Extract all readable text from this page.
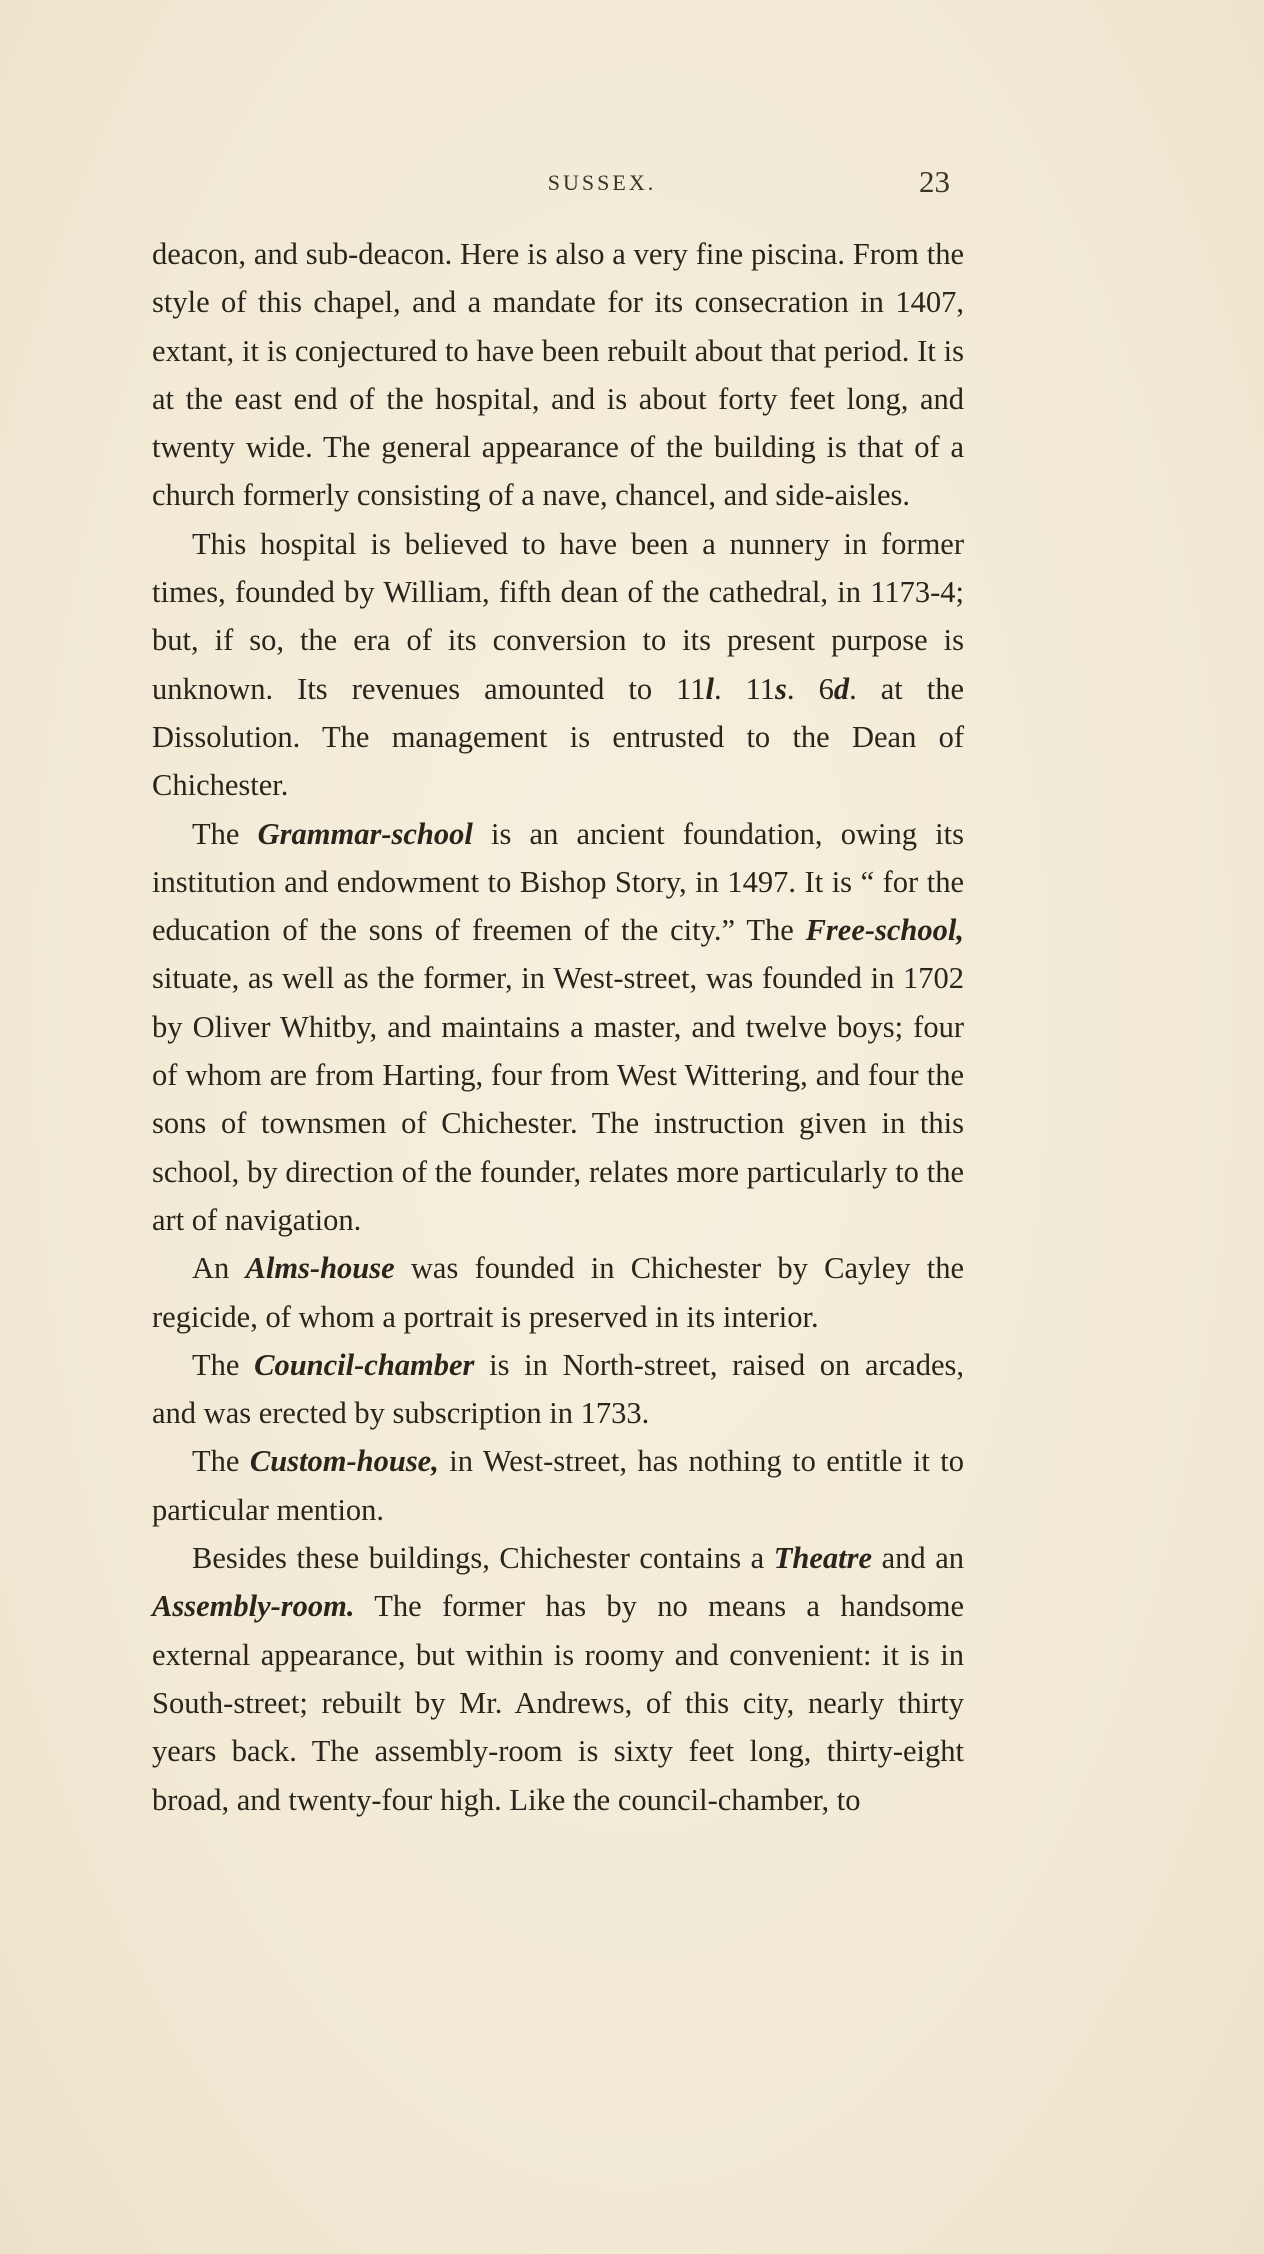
SUSSEX.	23

deacon, and sub-deacon. Here is also a very fine piscina. From the style of this chapel, and a mandate for its consecration in 1407, extant, it is conjectured to have been rebuilt about that period. It is at the east end of the hospital, and is about forty feet long, and twenty wide. The general appearance of the building is that of a church formerly consisting of a nave, chancel, and side-aisles.

This hospital is believed to have been a nunnery in former times, founded by William, fifth dean of the cathedral, in 1173-4; but, if so, the era of its conversion to its present purpose is unknown. Its revenues amounted to 11l. 11s. 6d. at the Dissolution. The management is entrusted to the Dean of Chichester.

The Grammar-school is an ancient foundation, owing its institution and endowment to Bishop Story, in 1497. It is “ for the education of the sons of freemen of the city.” The Free-school, situate, as well as the former, in West-street, was founded in 1702 by Oliver Whitby, and maintains a master, and twelve boys; four of whom are from Harting, four from West Wittering, and four the sons of townsmen of Chichester. The instruction given in this school, by direction of the founder, relates more particularly to the art of navigation.

An Alms-house was founded in Chichester by Cayley the regicide, of whom a portrait is preserved in its interior.

The Council-chamber is in North-street, raised on arcades, and was erected by subscription in 1733.

The Custom-house, in West-street, has nothing to entitle it to particular mention.

Besides these buildings, Chichester contains a Theatre and an Assembly-room. The former has by no means a handsome external appearance, but within is roomy and convenient: it is in South-street; rebuilt by Mr. Andrews, of this city, nearly thirty years back. The assembly-room is sixty feet long, thirty-eight broad, and twenty-four high. Like the council-chamber, to
